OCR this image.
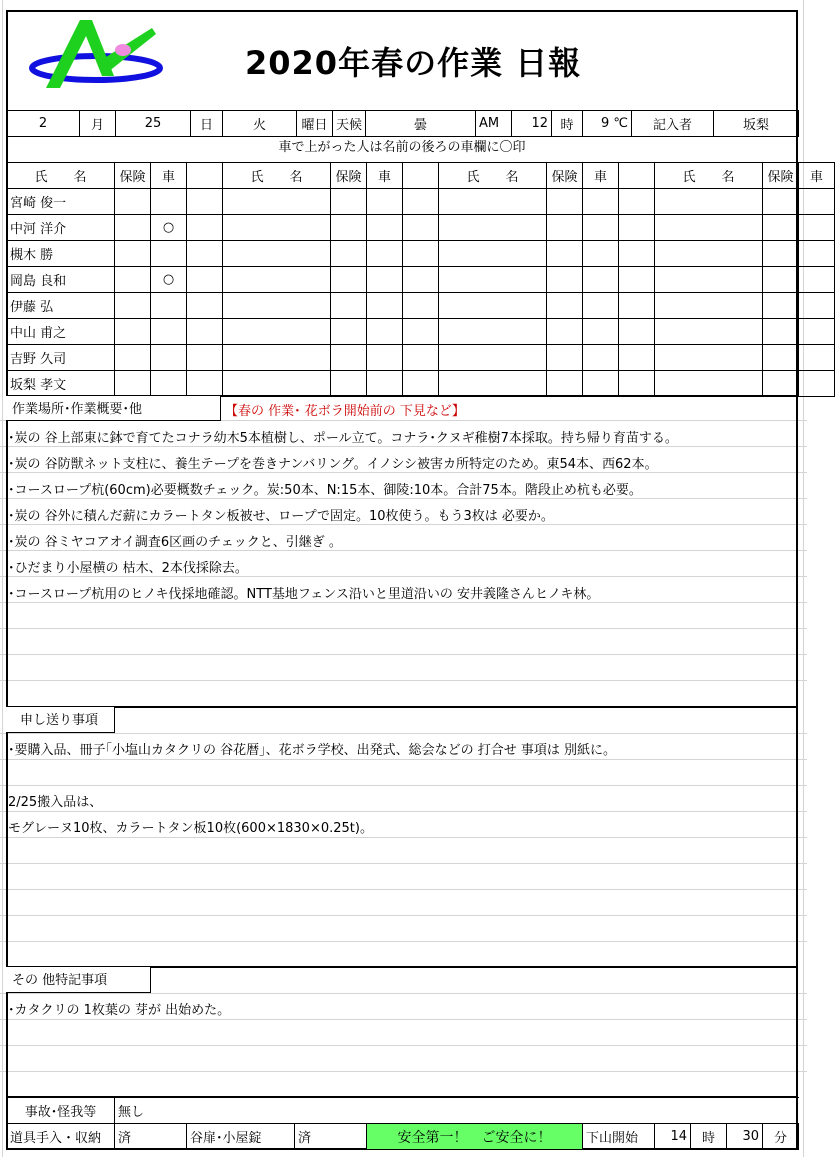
2020年春の作業 日報
2	月	25	日	火	曜日	天候	曇	AM	12	時	9 ℃	記入者	坂梨
車で上がった人は名前の後ろの車欄に〇印
氏　　名	保険	車		氏　　名	保険	車		氏　　名	保険	車		氏　　名	保険	車
宮崎 俊一														
中河 洋介		○												
槻木 勝														
岡島 良和		○												
伊藤 弘														
中山 甫之														
吉野 久司														
坂梨 孝文														
作業場所･作業概要･他	【春の 作業･ 花ボラ開始前の 下見など】
･炭の 谷上部東に鉢で育てたコナラ幼木5本植樹し、ポール立て。コナラ･クヌギ稚樹7本採取。持ち帰り育苗する。
･炭の 谷防獣ネット支柱に、養生テープを巻きナンバリング。イノシシ被害カ所特定のため。東54本、西62本。
･コースロープ杭(60cm)必要概数チェック。炭:50本、N:15本、御陵:10本。合計75本。階段止め杭も必要。
･炭の 谷外に積んだ薪にカラートタン板被せ、ロープで固定。10枚使う。もう3枚は 必要か。
･炭の 谷ミヤコアオイ調査6区画のチェックと、引継ぎ 。
･ひだまり小屋横の 枯木、2本伐採除去。
･コースロープ杭用のヒノキ伐採地確認。NTT基地フェンス沿いと里道沿いの 安井義隆さんヒノキ林。
申し送り事項
･要購入品、冊子｢小塩山カタクリの 谷花暦｣、花ボラ学校、出発式、総会などの 打合せ 事項は 別紙に。
2/25搬入品は、
モグレーヌ10枚、カラートタン板10枚(600×1830×0.25t)。
その 他特記事項
･カタクリの 1枚葉の 芽が 出始めた。
事故･怪我等	無し
道具手入・収納	済	谷扉･小屋錠	済	安全第一！　ご安全に！	下山開始	14	時	30	分
